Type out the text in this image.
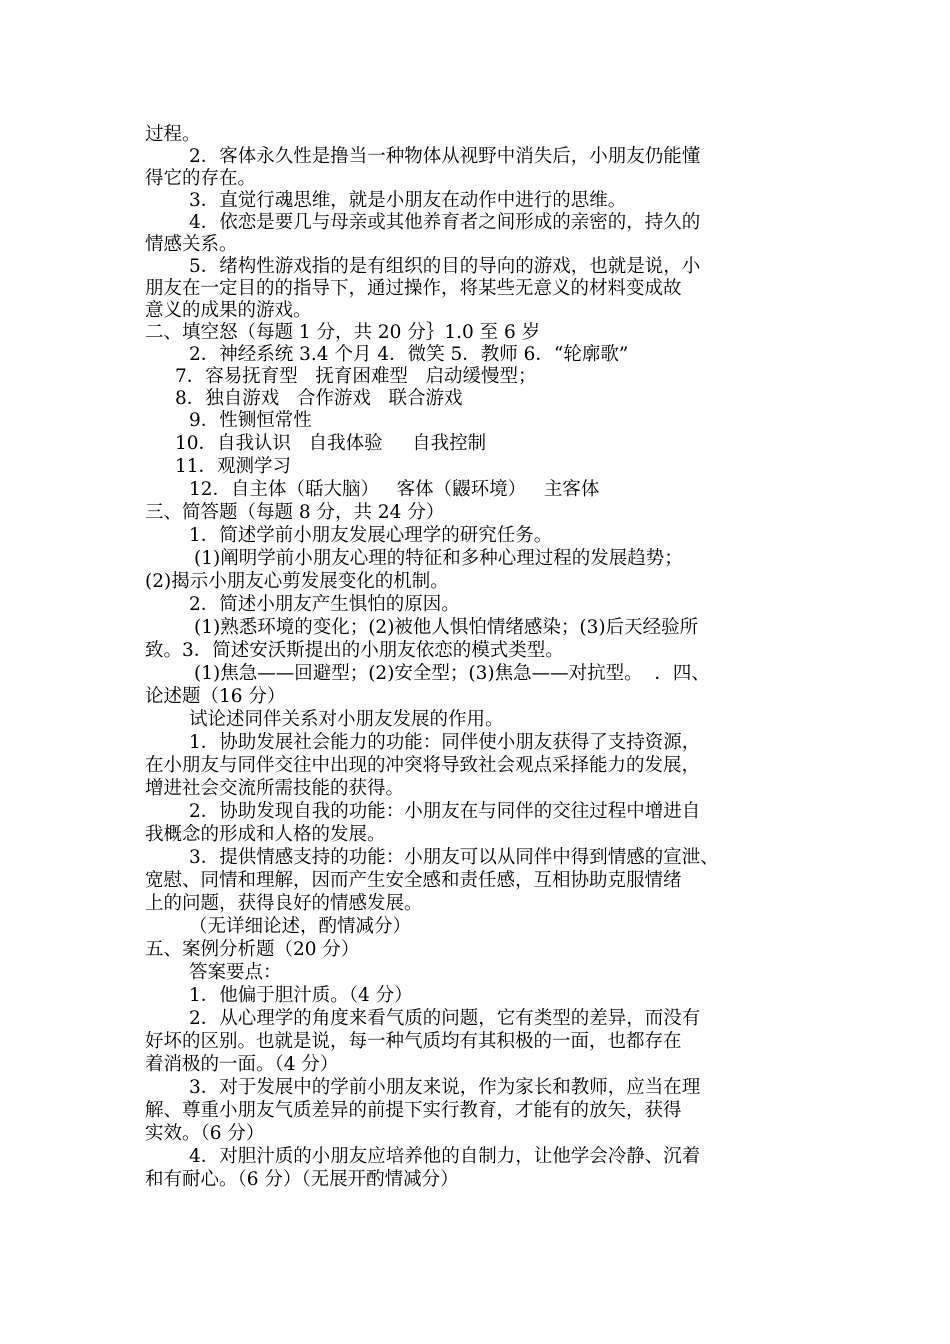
过程。
2．客体永久性是撸当一种物体从视野中消失后，小朋友仍能懂
得它的存在。
3．直觉行魂思维，就是小朋友在动作中进行的思维。
4．依恋是要几与母亲或其他养育者之间形成的亲密的，持久的
情感关系。
5．绪构性游戏指的是有组织的目的导向的游戏，也就是说，小
朋友在一定目的的指导下，通过操作，将某些无意义的材料变成故
意义的成果的游戏。
二、填空怒（每题 1 分，共 20 分｝1.0 至 6 岁
2．神经系统 3.4 个月 4．微笑 5．教师 6．“轮廓歌”
7．容易抚育型   抚育困难型   启动缓慢型；
8．独自游戏   合作游戏   联合游戏
9．性铡恒常性
10．自我认识   自我体验     自我控制
11．观测学习
12．自主体（聒大脑）   客体（鼹环境）   主客体
三、简答题（每题 8 分，共 24 分）
1．简述学前小朋友发展心理学的研究任务。
(1)阐明学前小朋友心理的特征和多种心理过程的发展趋势；
(2)揭示小朋友心剪发展变化的机制。
2．简述小朋友产生惧怕的原因。
(1)熟悉环境的变化；(2)被他人惧怕情绪感染；(3)后天经验所
致。3．简述安沃斯提出的小朋友依恋的模式类型。
(1)焦急——回避型；(2)安全型；(3)焦急——对抗型。  ．四、
论述题（16 分）
试论述同伴关系对小朋友发展的作用。
1．协助发展社会能力的功能：同伴使小朋友获得了支持资源，
在小朋友与同伴交往中出现的冲突将导致社会观点采择能力的发展，
增进社会交流所需技能的获得。
2．协助发现自我的功能：小朋友在与同伴的交往过程中增进自
我概念的形成和人格的发展。
3．提供情感支持的功能：小朋友可以从同伴中得到情感的宣泄、
宽慰、同情和理解，因而产生安全感和责任感，互相协助克服情绪
上的问题，获得良好的情感发展。
（无详细论述，酌情减分）
五、案例分析题（20 分）
答案要点：
1．他偏于胆汁质。（4 分）
2．从心理学的角度来看气质的问题，它有类型的差异，而没有
好坏的区别。也就是说，每一种气质均有其积极的一面，也都存在
着消极的一面。（4 分）
3．对于发展中的学前小朋友来说，作为家长和教师，应当在理
解、尊重小朋友气质差异的前提下实行教育，才能有的放矢，获得
实效。（6 分）
4．对胆汁质的小朋友应培养他的自制力，让他学会冷静、沉着
和有耐心。（6 分）（无展开酌情减分）
